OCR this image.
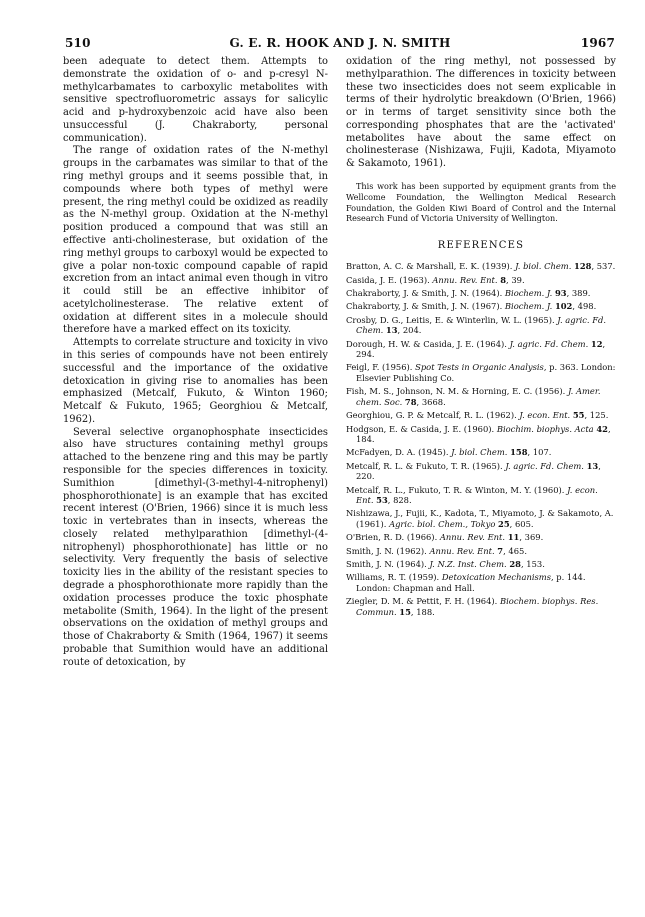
510	G. E. R. HOOK AND J. N. SMITH	1967

been adequate to detect them. Attempts to demonstrate the oxidation of o- and p-cresyl N-methylcarbamates to carboxylic metabolites with sensitive spectrofluorometric assays for salicylic acid and p-hydroxybenzoic acid have also been unsuccessful (J. Chakraborty, personal communication).

The range of oxidation rates of the N-methyl groups in the carbamates was similar to that of the ring methyl groups and it seems possible that, in compounds where both types of methyl were present, the ring methyl could be oxidized as readily as the N-methyl group. Oxidation at the N-methyl position produced a compound that was still an effective anti-cholinesterase, but oxidation of the ring methyl groups to carboxyl would be expected to give a polar non-toxic compound capable of rapid excretion from an intact animal even though in vitro it could still be an effective inhibitor of acetylcholinesterase. The relative extent of oxidation at different sites in a molecule should therefore have a marked effect on its toxicity.

Attempts to correlate structure and toxicity in vivo in this series of compounds have not been entirely successful and the importance of the oxidative detoxication in giving rise to anomalies has been emphasized (Metcalf, Fukuto, & Winton 1960; Metcalf & Fukuto, 1965; Georghiou & Metcalf, 1962).

Several selective organophosphate insecticides also have structures containing methyl groups attached to the benzene ring and this may be partly responsible for the species differences in toxicity. Sumithion [dimethyl-(3-methyl-4-nitrophenyl) phosphorothionate] is an example that has excited recent interest (O'Brien, 1966) since it is much less toxic in vertebrates than in insects, whereas the closely related methylparathion [dimethyl-(4-nitrophenyl) phosphorothionate] has little or no selectivity. Very frequently the basis of selective toxicity lies in the ability of the resistant species to degrade a phosphorothionate more rapidly than the oxidation processes produce the toxic phosphate metabolite (Smith, 1964). In the light of the present observations on the oxidation of methyl groups and those of Chakraborty & Smith (1964, 1967) it seems probable that Sumithion would have an additional route of detoxication, by

oxidation of the ring methyl, not possessed by methylparathion. The differences in toxicity between these two insecticides does not seem explicable in terms of their hydrolytic breakdown (O'Brien, 1966) or in terms of target sensitivity since both the corresponding phosphates that are the 'activated' metabolites have about the same effect on cholinesterase (Nishizawa, Fujii, Kadota, Miyamoto & Sakamoto, 1961).

This work has been supported by equipment grants from the Wellcome Foundation, the Wellington Medical Research Foundation, the Golden Kiwi Board of Control and the Internal Research Fund of Victoria University of Wellington.

REFERENCES
Bratton, A. C. & Marshall, E. K. (1939). J. biol. Chem. 128, 537.
Casida, J. E. (1963). Annu. Rev. Ent. 8, 39.
Chakraborty, J. & Smith, J. N. (1964). Biochem. J. 93, 389.
Chakraborty, J. & Smith, J. N. (1967). Biochem. J. 102, 498.
Crosby, D. G., Leitis, E. & Winterlin, W. L. (1965). J. agric. Fd. Chem. 13, 204.
Dorough, H. W. & Casida, J. E. (1964). J. agric. Fd. Chem. 12, 294.
Feigl, F. (1956). Spot Tests in Organic Analysis, p. 363. London: Elsevier Publishing Co.
Fish, M. S., Johnson, N. M. & Horning, E. C. (1956). J. Amer. chem. Soc. 78, 3668.
Georghiou, G. P. & Metcalf, R. L. (1962). J. econ. Ent. 55, 125.
Hodgson, E. & Casida, J. E. (1960). Biochim. biophys. Acta 42, 184.
McFadyen, D. A. (1945). J. biol. Chem. 158, 107.
Metcalf, R. L. & Fukuto, T. R. (1965). J. agric. Fd. Chem. 13, 220.
Metcalf, R. L., Fukuto, T. R. & Winton, M. Y. (1960). J. econ. Ent. 53, 828.
Nishizawa, J., Fujii, K., Kadota, T., Miyamoto, J. & Sakamoto, A. (1961). Agric. biol. Chem., Tokyo 25, 605.
O'Brien, R. D. (1966). Annu. Rev. Ent. 11, 369.
Smith, J. N. (1962). Annu. Rev. Ent. 7, 465.
Smith, J. N. (1964). J. N.Z. Inst. Chem. 28, 153.
Williams, R. T. (1959). Detoxication Mechanisms, p. 144. London: Chapman and Hall.
Ziegler, D. M. & Pettit, F. H. (1964). Biochem. biophys. Res. Commun. 15, 188.
